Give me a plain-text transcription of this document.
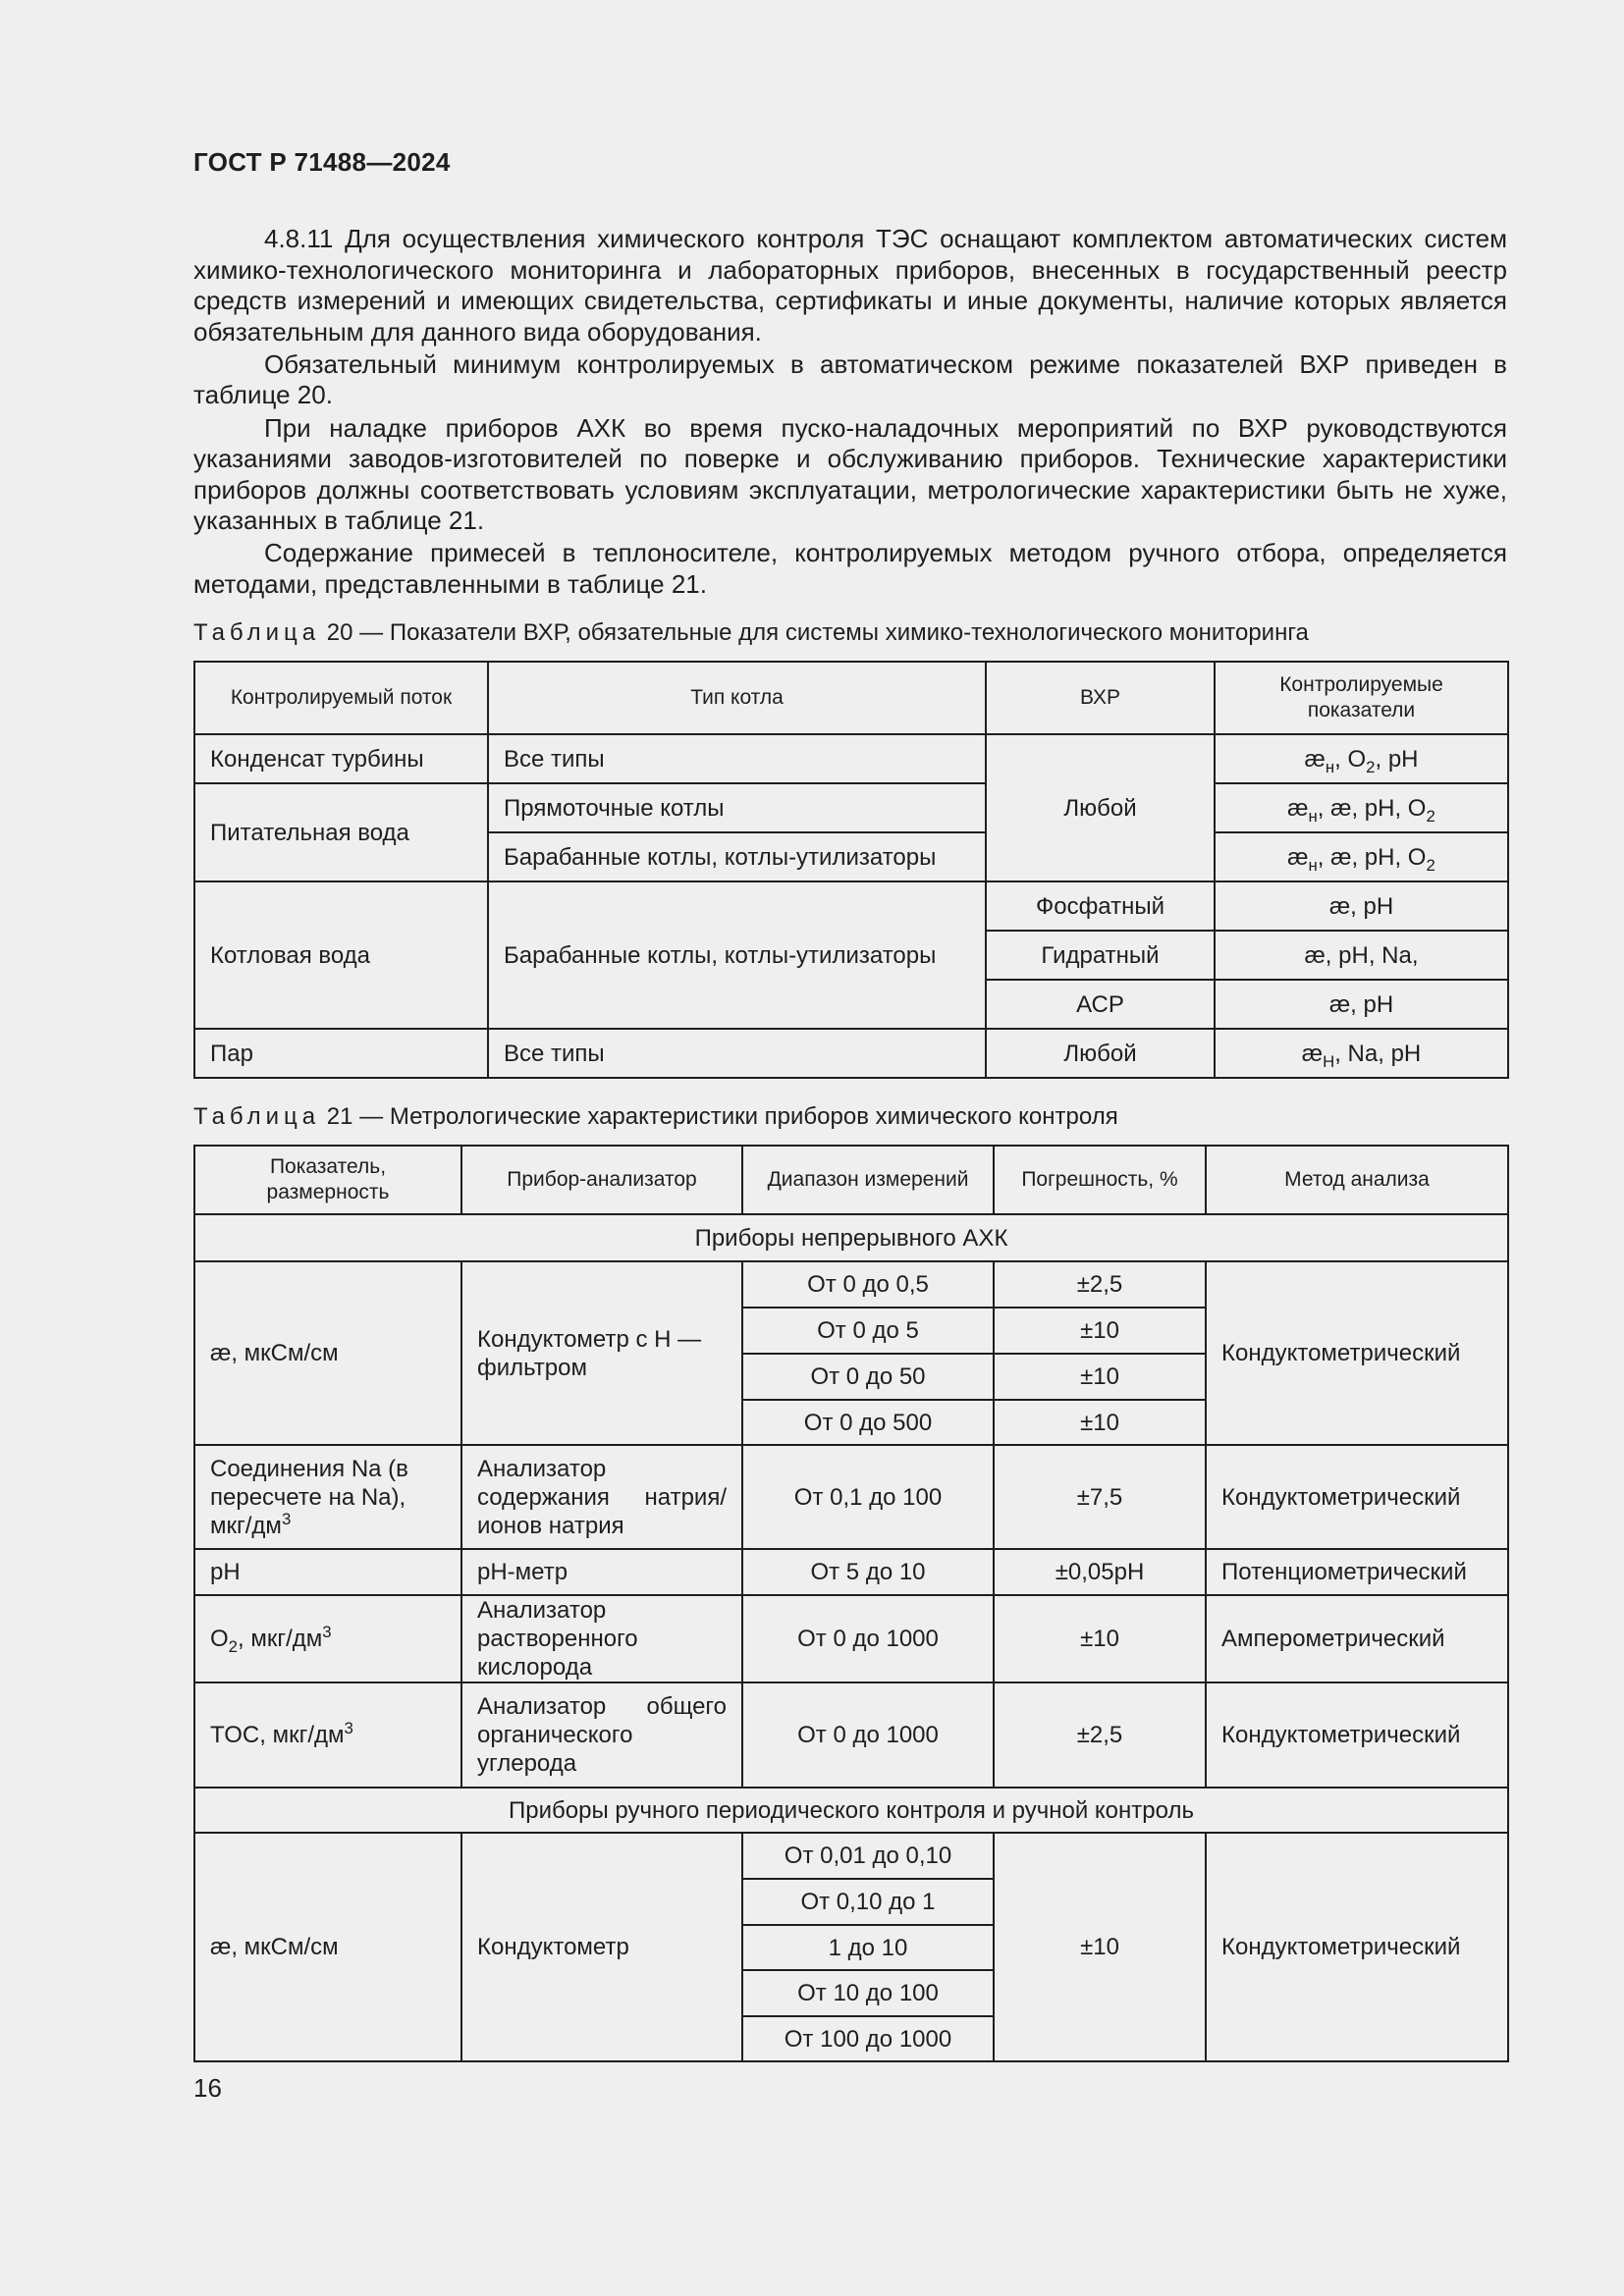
ГОСТ Р 71488—2024

4.8.11 Для осуществления химического контроля ТЭС оснащают комплектом автоматических систем химико-технологического мониторинга и лабораторных приборов, внесенных в государственный реестр средств измерений и имеющих свидетельства, сертификаты и иные документы, наличие которых является обязательным для данного вида оборудования.

Обязательный минимум контролируемых в автоматическом режиме показателей ВХР приведен в таблице 20.

При наладке приборов АХК во время пуско-наладочных мероприятий по ВХР руководствуются указаниями заводов-изготовителей по поверке и обслуживанию приборов. Технические характеристики приборов должны соответствовать условиям эксплуатации, метрологические характеристики быть не хуже, указанных в таблице 21.

Содержание примесей в теплоносителе, контролируемых методом ручного отбора, определяется методами, представленными в таблице 21.

Таблица 20 — Показатели ВХР, обязательные для системы химико-технологического мониторинга
Контролируемый поток	Тип котла	ВХР	Контролируемые показатели
Конденсат турбины	Все типы	Любой	$æ_н$, $O_2$, pH
Питательная вода	Прямоточные котлы		$æ_н$, æ, pH, $O_2$
	Барабанные котлы, котлы-утилизаторы		$æ_н$, æ, pH, $O_2$
Котловая вода	Барабанные котлы, котлы-утилизаторы	Фосфатный	æ, pH
		Гидратный	æ, pH, Na,
		АСР	æ, pH
Пар	Все типы	Любой	$æ_H$, Na, pH
Таблица 21 — Метрологические характеристики приборов химического контроля
Показатель, размерность	Прибор-анализатор	Диапазон измерений	Погрешность, %	Метод анализа
Приборы непрерывного АХК				
æ, мкСм/см	Кондуктометр с Н — фильтром	От 0 до 0,5	±2,5	Кондуктометрический
		От 0 до 5	±10	
		От 0 до 50	±10	
		От 0 до 500	±10	
Соединения Na (в пересчете на Na), мкг/$дм^3$	Анализатор содержания натрия/ионов натрия	От 0,1 до 100	±7,5	Кондуктометрический
pH	рН-метр	От 5 до 10	±0,05рН	Потенциометрический
$O_2$, мкг/$дм^3$	Анализатор растворенного кислорода	От 0 до 1000	±10	Амперометрический
TOC, мкг/$дм^3$	Анализатор общего органического углерода	От 0 до 1000	±2,5	Кондуктометрический
Приборы ручного периодического контроля и ручной контроль				
æ, мкСм/см	Кондуктометр	От 0,01 до 0,10	±10	Кондуктометрический
		От 0,10 до 1		
		1 до 10		
		От 10 до 100		
		От 100 до 1000		
16
